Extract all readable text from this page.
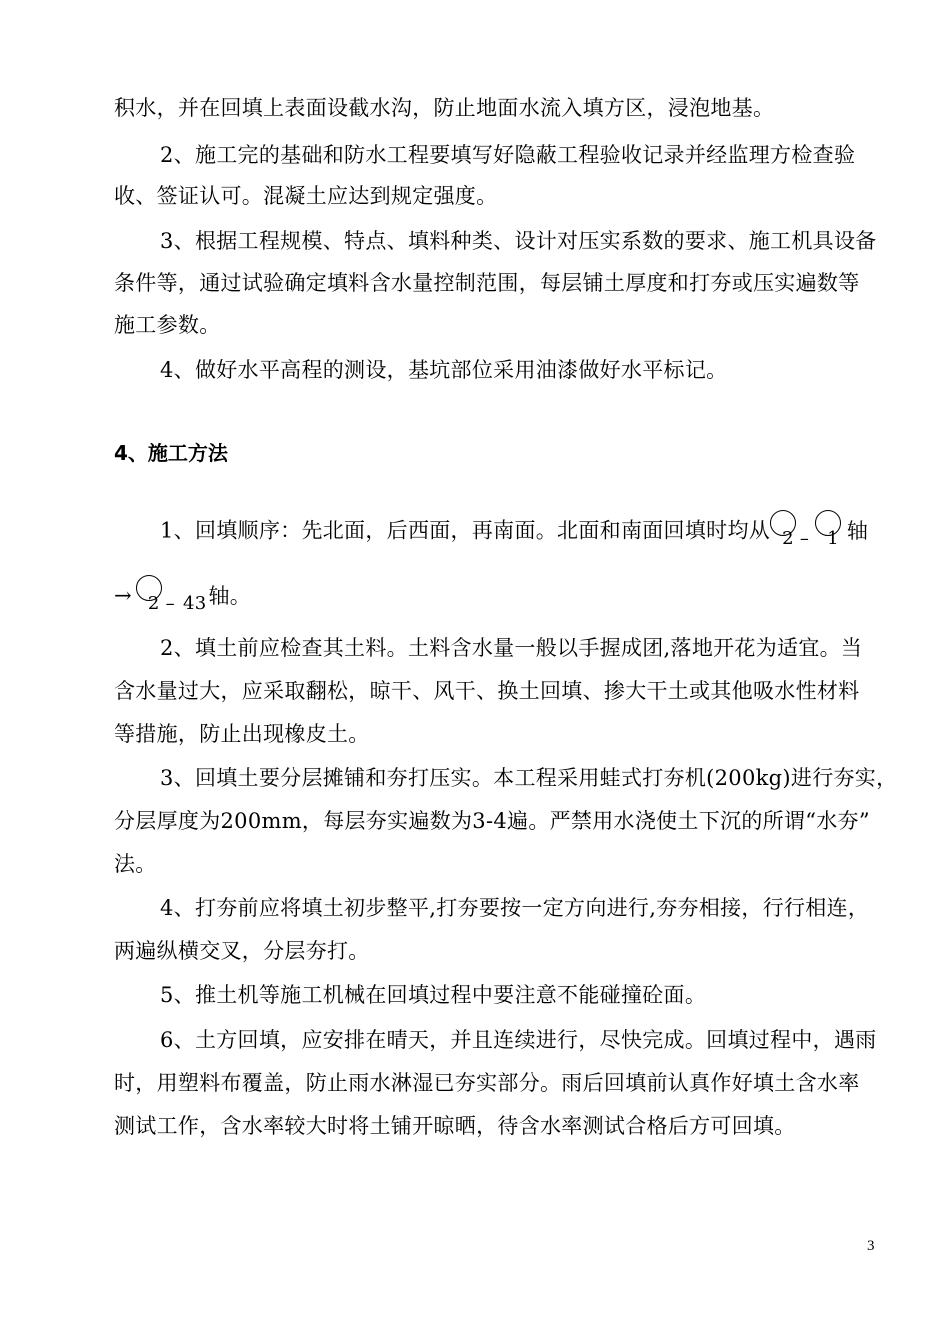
积水，并在回填上表面设截水沟，防止地面水流入填方区，浸泡地基。
2、施工完的基础和防水工程要填写好隐蔽工程验收记录并经监理方检查验
收、签证认可。混凝土应达到规定强度。
3、根据工程规模、特点、填料种类、设计对压实系数的要求、施工机具设备
条件等，通过试验确定填料含水量控制范围，每层铺土厚度和打夯或压实遍数等
施工参数。
4、做好水平高程的测设，基坑部位采用油漆做好水平标记。
4、施工方法
1、回填顺序：先北面，后西面，再南面。北面和南面回填时均从 2 – 1 轴
→ 2 – 43轴。
2、填土前应检查其土料。土料含水量一般以手握成团,落地开花为适宜。当
含水量过大，应采取翻松，晾干、风干、换土回填、掺大干土或其他吸水性材料
等措施，防止出现橡皮土。
3、回填土要分层摊铺和夯打压实。本工程采用蛙式打夯机(200kg)进行夯实，
分层厚度为200mm，每层夯实遍数为3-4遍。严禁用水浇使土下沉的所谓“水夯”
法。
4、打夯前应将填土初步整平,打夯要按一定方向进行,夯夯相接，行行相连，
两遍纵横交叉，分层夯打。
5、推土机等施工机械在回填过程中要注意不能碰撞砼面。
6、土方回填，应安排在晴天，并且连续进行，尽快完成。回填过程中，遇雨
时，用塑料布覆盖，防止雨水淋湿已夯实部分。雨后回填前认真作好填土含水率
测试工作，含水率较大时将土铺开晾晒，待含水率测试合格后方可回填。
3
